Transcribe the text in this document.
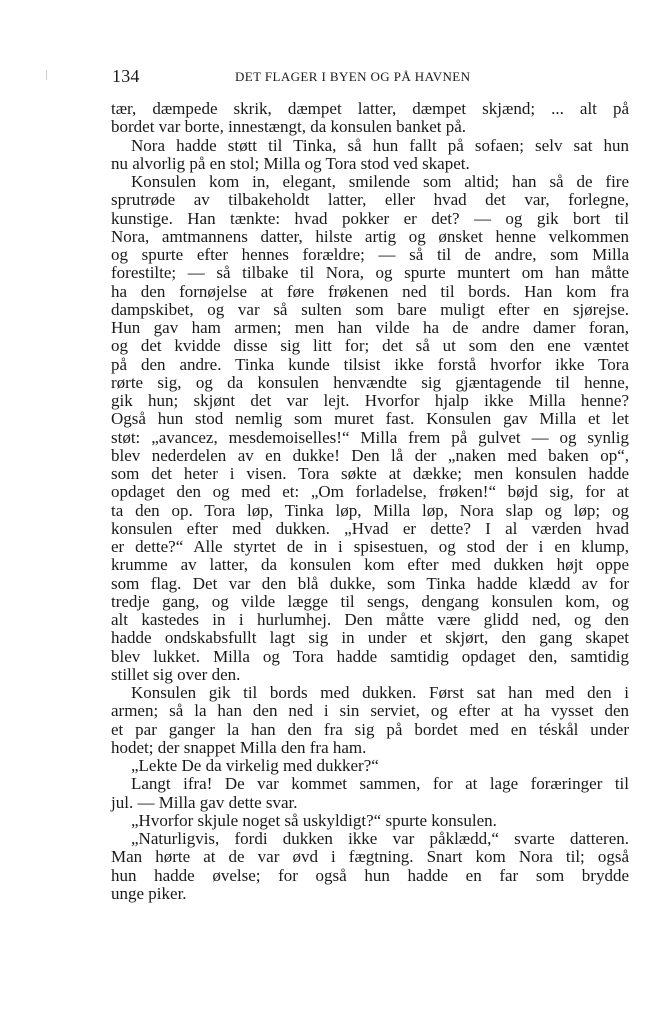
134	DET FLAGER I BYEN OG PÅ HAVNEN
tær, dæmpede skrik, dæmpet latter, dæmpet skjænd; ... alt på
bordet var borte, innestængt, da konsulen banket på.
Nora hadde støtt til Tinka, så hun fallt på sofaen; selv sat hun
nu alvorlig på en stol; Milla og Tora stod ved skapet.
Konsulen kom in, elegant, smilende som altid; han så de fire
sprutrøde av tilbakeholdt latter, eller hvad det var, forlegne,
kunstige. Han tænkte: hvad pokker er det? — og gik bort til
Nora, amtmannens datter, hilste artig og ønsket henne velkommen
og spurte efter hennes forældre; — så til de andre, som Milla
forestilte; — så tilbake til Nora, og spurte muntert om han måtte
ha den fornøjelse at føre frøkenen ned til bords. Han kom fra
dampskibet, og var så sulten som bare muligt efter en sjørejse.
Hun gav ham armen; men han vilde ha de andre damer foran,
og det kvidde disse sig litt for; det så ut som den ene væntet
på den andre. Tinka kunde tilsist ikke forstå hvorfor ikke Tora
rørte sig, og da konsulen henvændte sig gjæntagende til henne,
gik hun; skjønt det var lejt. Hvorfor hjalp ikke Milla henne?
Også hun stod nemlig som muret fast. Konsulen gav Milla et let
støt: „avancez, mesdemoiselles!“ Milla frem på gulvet — og synlig
blev nederdelen av en dukke! Den lå der „naken med baken op“,
som det heter i visen. Tora søkte at dække; men konsulen hadde
opdaget den og med et: „Om forladelse, frøken!“ bøjd sig, for at
ta den op. Tora løp, Tinka løp, Milla løp, Nora slap og løp; og
konsulen efter med dukken. „Hvad er dette? I al værden hvad
er dette?“ Alle styrtet de in i spisestuen, og stod der i en klump,
krumme av latter, da konsulen kom efter med dukken højt oppe
som flag. Det var den blå dukke, som Tinka hadde klædd av for
tredje gang, og vilde lægge til sengs, dengang konsulen kom, og
alt kastedes in i hurlumhej. Den måtte være glidd ned, og den
hadde ondskabsfullt lagt sig in under et skjørt, den gang skapet
blev lukket. Milla og Tora hadde samtidig opdaget den, samtidig
stillet sig over den.
Konsulen gik til bords med dukken. Først sat han med den i
armen; så la han den ned i sin serviet, og efter at ha vysset den
et par ganger la han den fra sig på bordet med en téskål under
hodet; der snappet Milla den fra ham.
„Lekte De da virkelig med dukker?“
Langt ifra! De var kommet sammen, for at lage foræringer til
jul. — Milla gav dette svar.
„Hvorfor skjule noget så uskyldigt?“ spurte konsulen.
„Naturligvis, fordi dukken ikke var påklædd,“ svarte datteren.
Man hørte at de var øvd i fægtning. Snart kom Nora til; også
hun hadde øvelse; for også hun hadde en far som brydde
unge piker.
